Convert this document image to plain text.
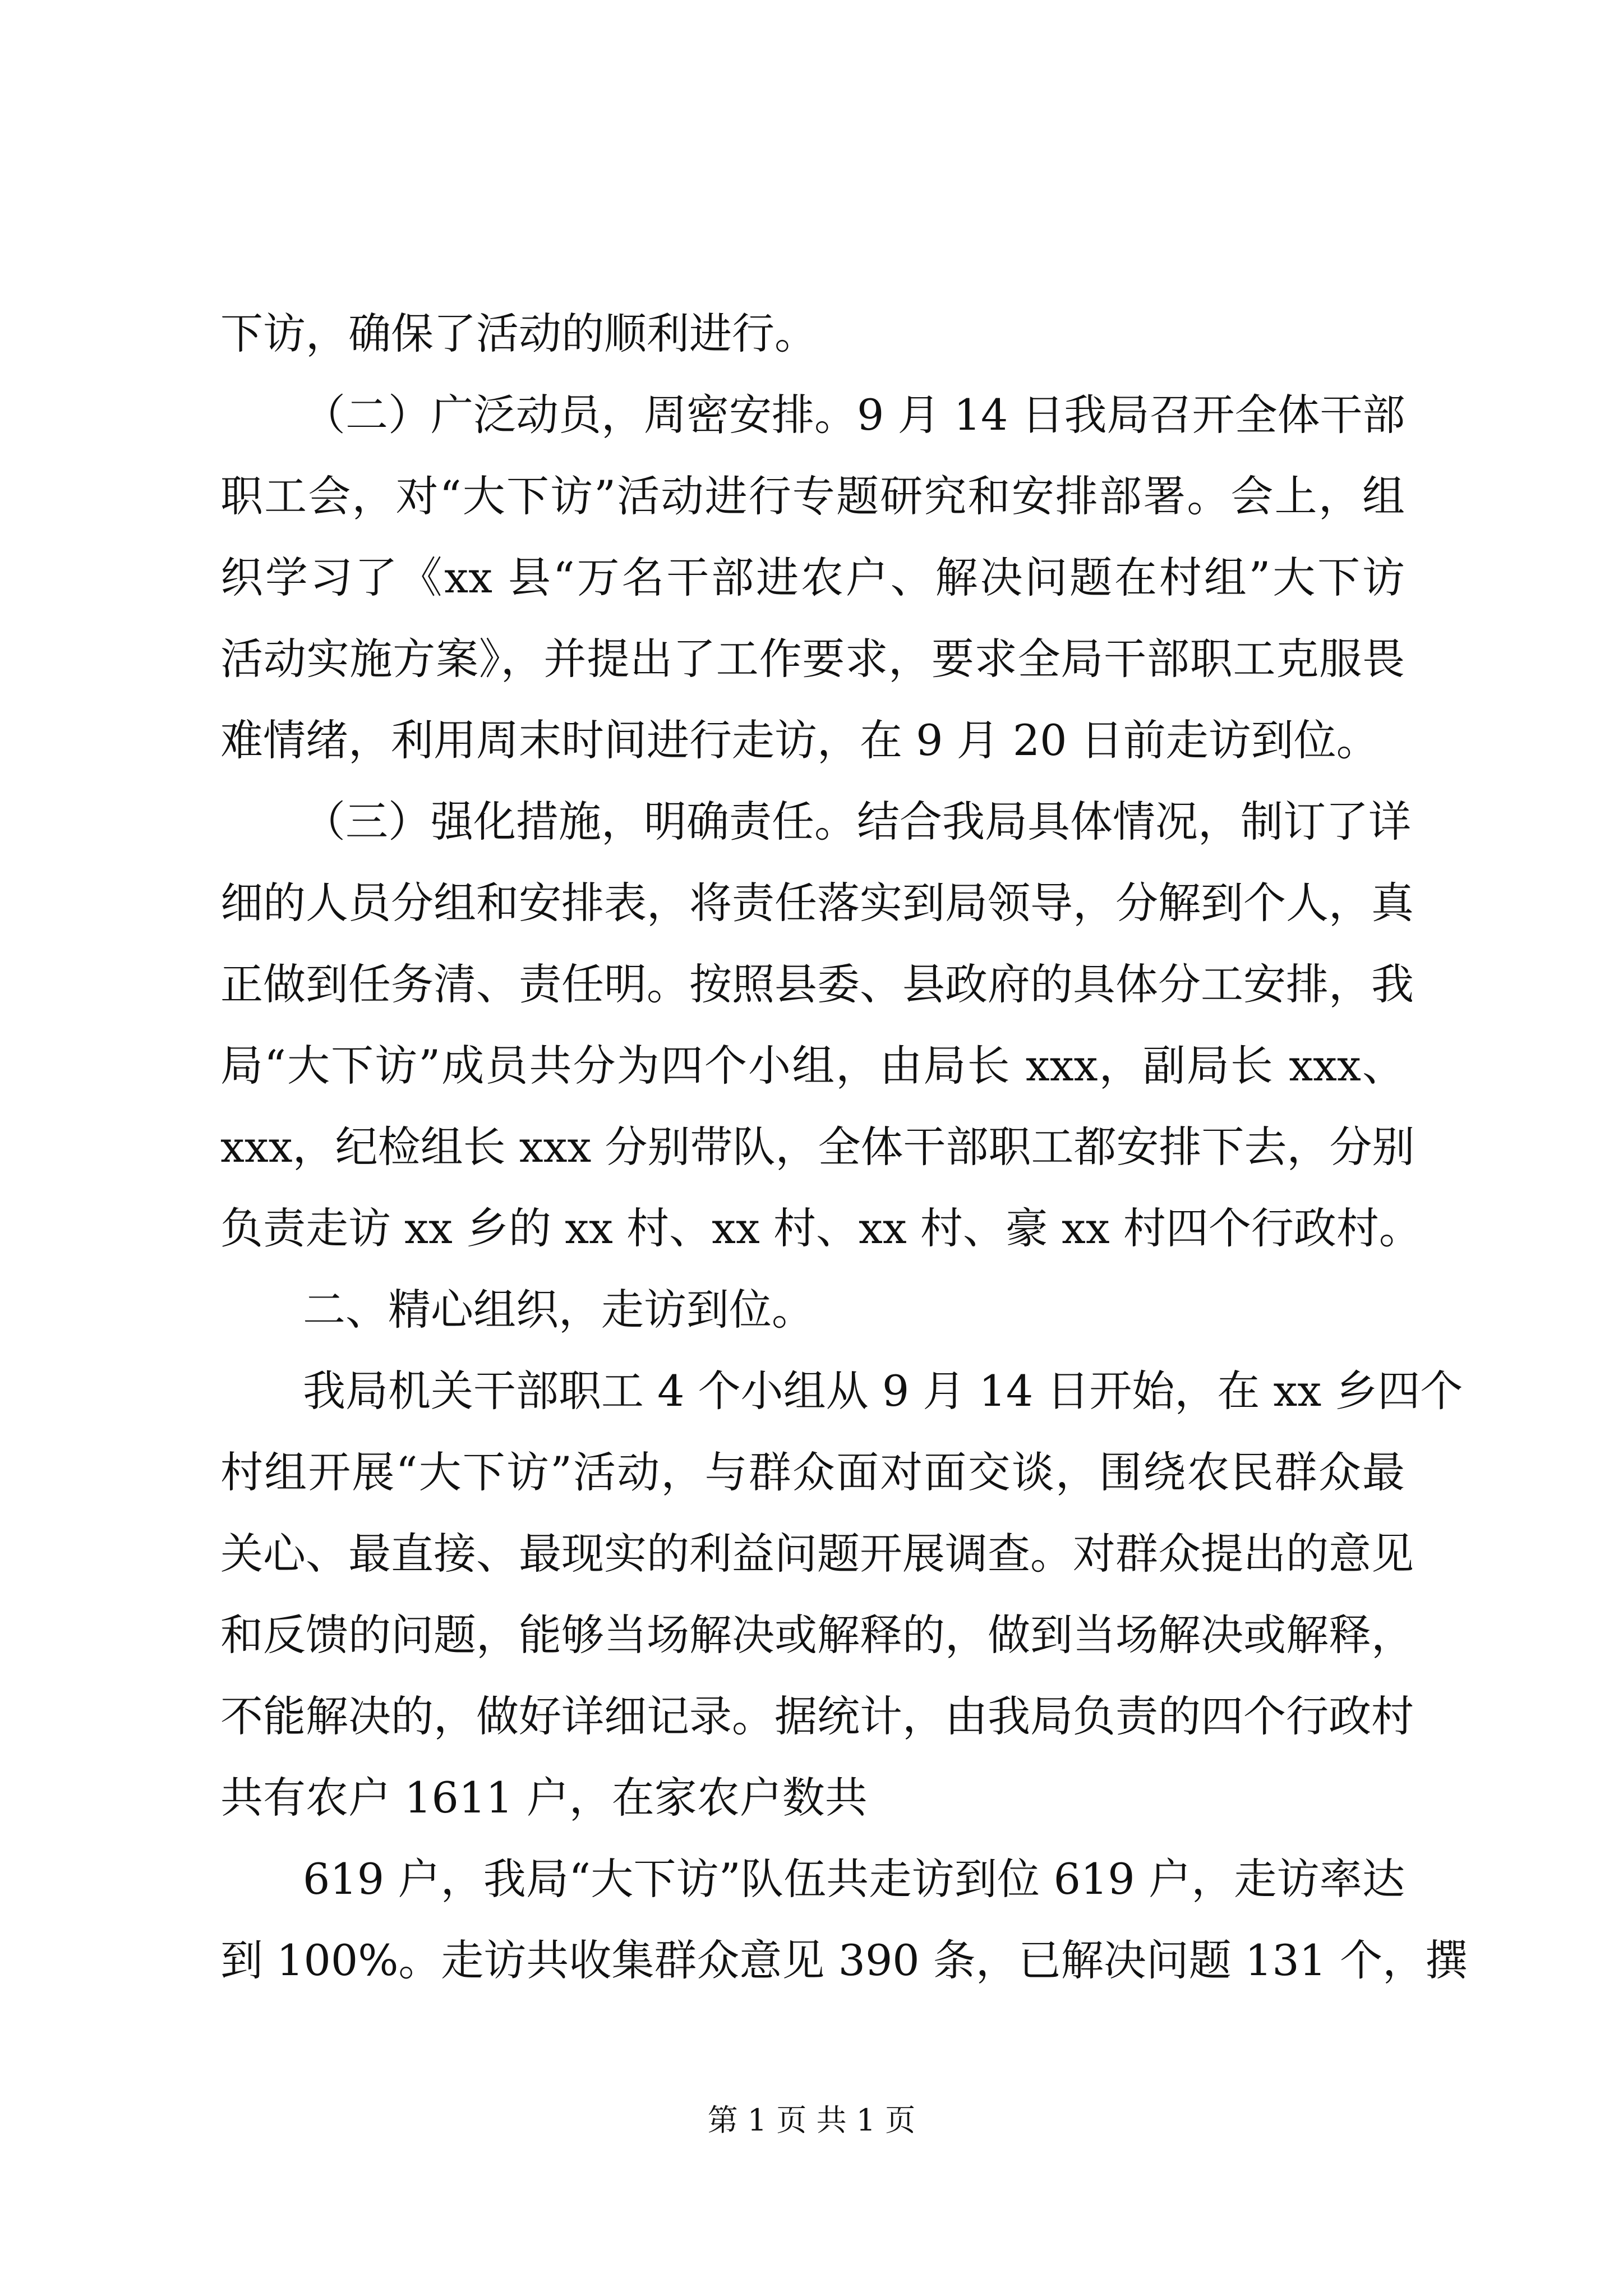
下访，确保了活动的顺利进行。
（二）广泛动员，周密安排。9 月 14 日我局召开全体干部
职工会，对“大下访”活动进行专题研究和安排部署。会上，组
织学习了《xx 县“万名干部进农户、解决问题在村组”大下访
活动实施方案》，并提出了工作要求，要求全局干部职工克服畏
难情绪，利用周末时间进行走访，在 9 月 20 日前走访到位。
（三）强化措施，明确责任。结合我局具体情况，制订了详
细的人员分组和安排表，将责任落实到局领导，分解到个人，真
正做到任务清、责任明。按照县委、县政府的具体分工安排，我
局“大下访”成员共分为四个小组，由局长 xxx，副局长 xxx、
xxx，纪检组长 xxx 分别带队，全体干部职工都安排下去，分别
负责走访 xx 乡的 xx 村、xx 村、xx 村、豪 xx 村四个行政村。
二、精心组织，走访到位。
我局机关干部职工 4 个小组从 9 月 14 日开始，在 xx 乡四个
村组开展“大下访”活动，与群众面对面交谈，围绕农民群众最
关心、最直接、最现实的利益问题开展调查。对群众提出的意见
和反馈的问题，能够当场解决或解释的，做到当场解决或解释，
不能解决的，做好详细记录。据统计，由我局负责的四个行政村
共有农户 1611 户，在家农户数共
619 户，我局“大下访”队伍共走访到位 619 户，走访率达
到 100%。走访共收集群众意见 390 条，已解决问题 131 个，撰
第 1 页 共 1 页
